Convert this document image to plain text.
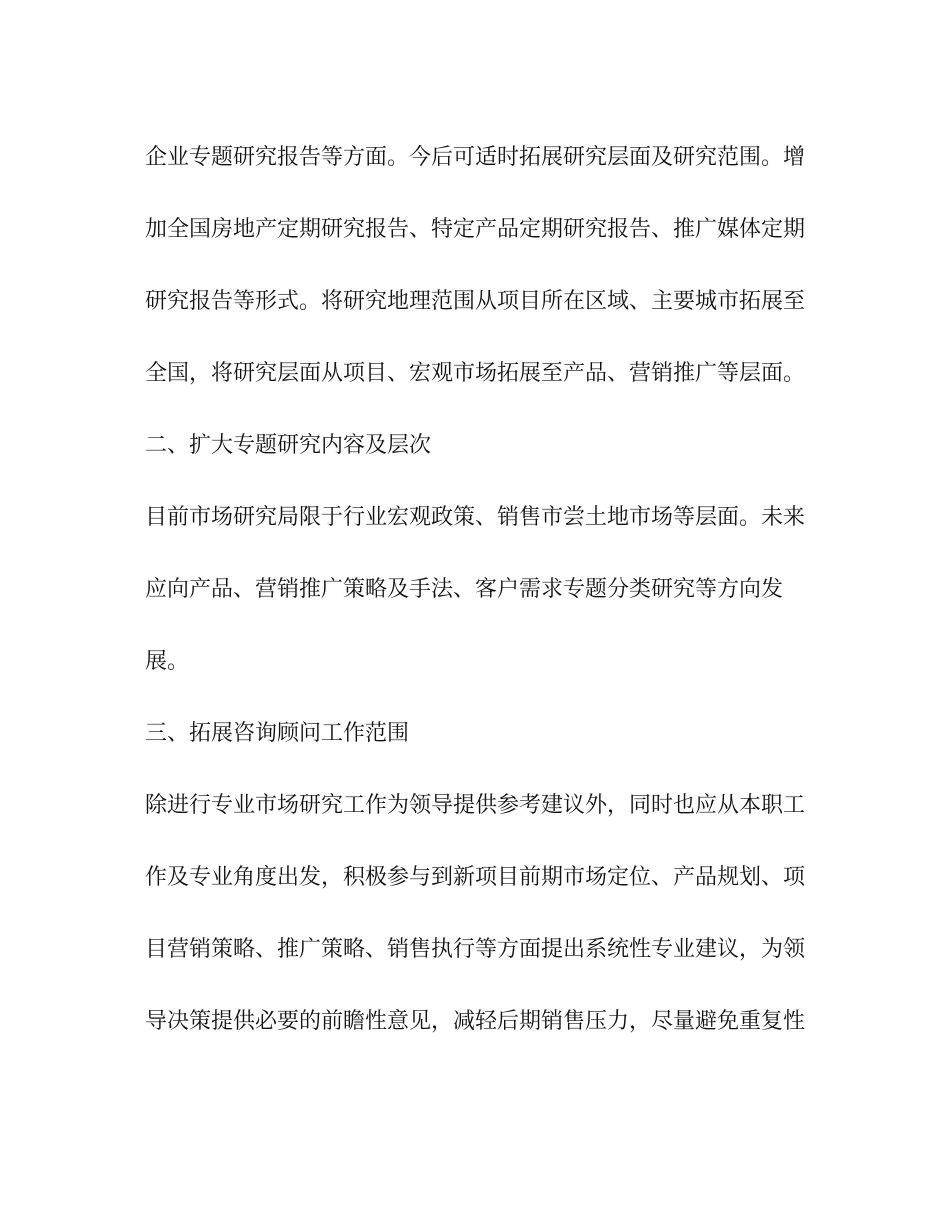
企业专题研究报告等方面。今后可适时拓展研究层面及研究范围。增
加全国房地产定期研究报告、特定产品定期研究报告、推广媒体定期
研究报告等形式。将研究地理范围从项目所在区域、主要城市拓展至
全国，将研究层面从项目、宏观市场拓展至产品、营销推广等层面。
二、扩大专题研究内容及层次
目前市场研究局限于行业宏观政策、销售市尝土地市场等层面。未来
应向产品、营销推广策略及手法、客户需求专题分类研究等方向发
展。
三、拓展咨询顾问工作范围
除进行专业市场研究工作为领导提供参考建议外，同时也应从本职工
作及专业角度出发，积极参与到新项目前期市场定位、产品规划、项
目营销策略、推广策略、销售执行等方面提出系统性专业建议，为领
导决策提供必要的前瞻性意见，减轻后期销售压力，尽量避免重复性
